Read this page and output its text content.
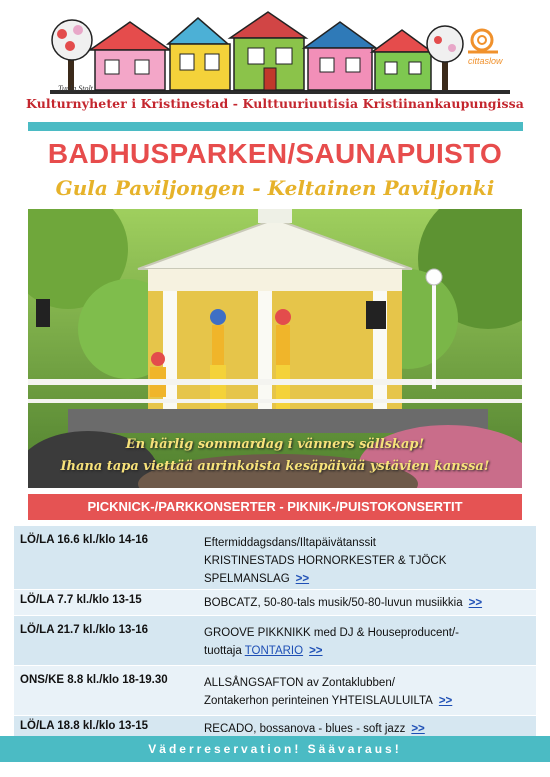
cittaslow
Tuula Stolt
Kulturnyheter i Kristinestad - Kulttuuriuutisia Kristiinankaupungissa
BADHUSPARKEN/SAUNAPUISTO
Gula Paviljongen - Keltainen Paviljonki
En härlig sommardag i vänners sällskap!
Ihana tapa viettää aurinkoista kesäpäivää ystävien kanssa!
PICKNICK-/PARKKONSERTER - PIKNIK-/PUISTOKONSERTIT
LÖ/LA 16.6 kl./klo 14-16	Eftermiddagsdans/Iltapäivätanssit
KRISTINESTADS HORNORKESTER & TJÖCK
SPELMANSLAG >>
LÖ/LA 7.7 kl./klo 13-15	BOBCATZ, 50-80-tals musik/50-80-luvun musiikkia >>
LÖ/LA 21.7 kl./klo 13-16	GROOVE PIKKNIKK med DJ & Houseproducent/-
tuottaja TONTARIO >>
ONS/KE 8.8 kl./klo 18-19.30	ALLSÅNGSAFTON av Zontaklubben/
Zontakerhon perinteinen YHTEISLAULUILTA >>
LÖ/LA 18.8 kl./klo 13-15	RECADO, bossanova - blues - soft jazz >>
Väderreservation! Säävaraus!
